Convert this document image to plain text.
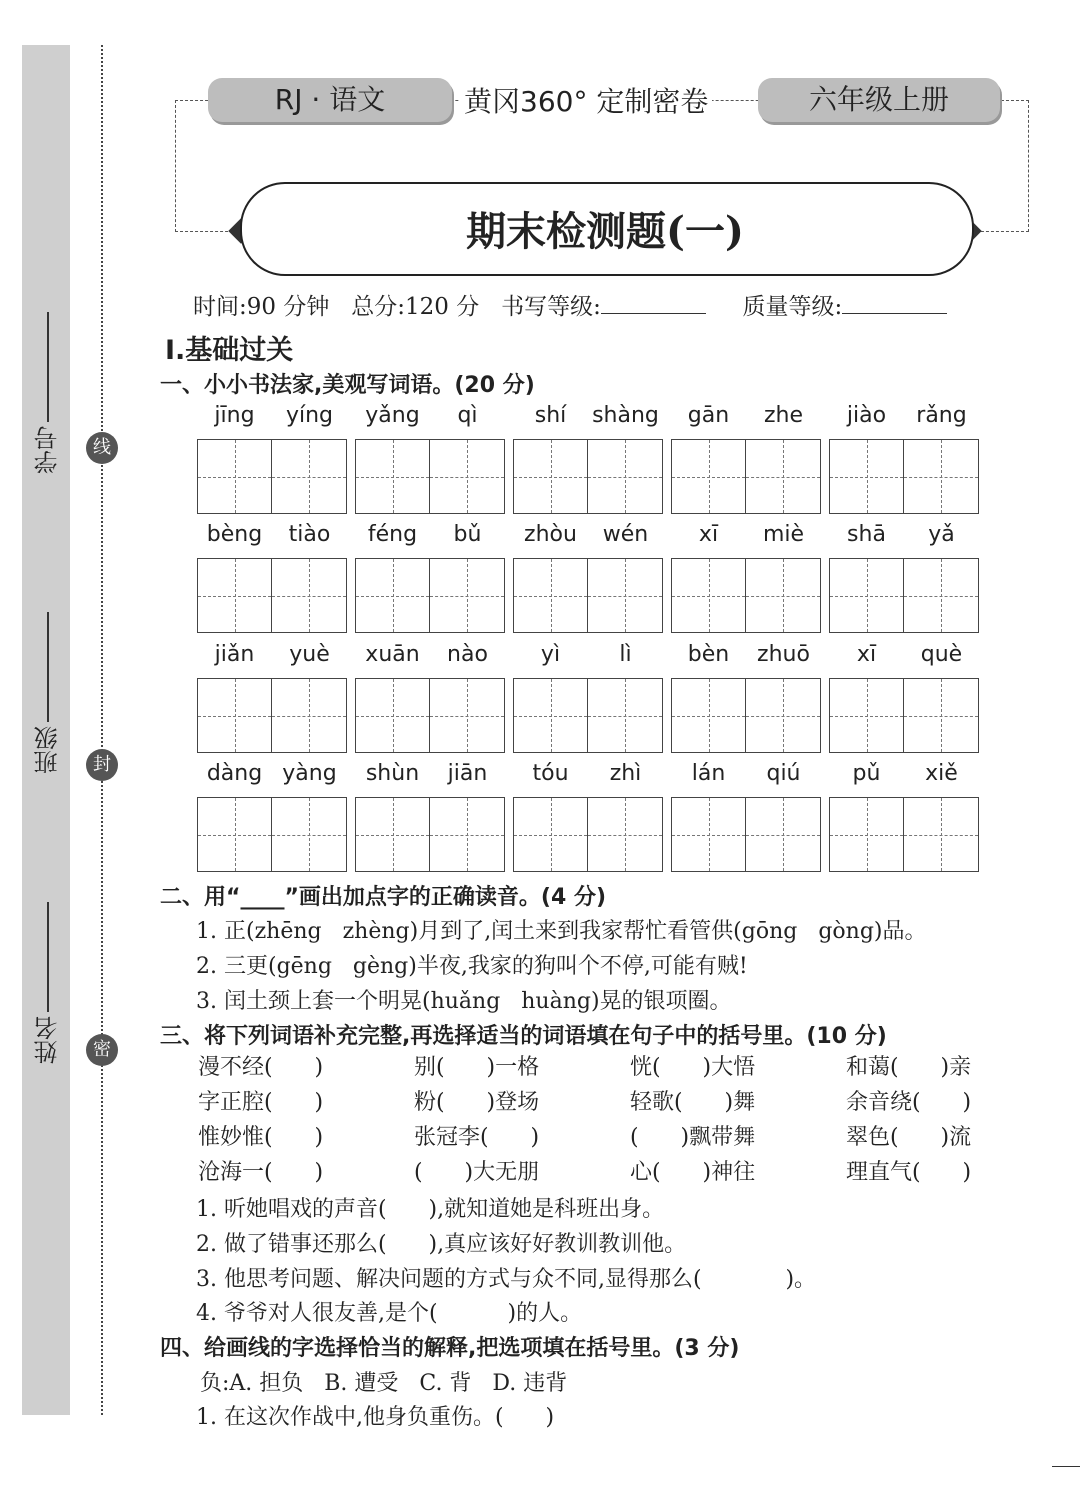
线
封
密
学号
班级
姓名
RJ · 语文	黄冈360° 定制密卷	六年级上册
期末检测题(一)
时间:90 分钟   总分:120 分   书写等级:	质量等级:
Ⅰ.基础过关
一、小小书法家,美观写词语。(20 分)
jīng	yíng	yǎng	qì	shí	shàng	gān	zhe	jiào	rǎng
bèng	tiào	féng	bǔ	zhòu	wén	xī	miè	shā	yǎ
jiǎn	yuè	xuān	nào	yì	lì	bèn	zhuō	xī	què
dàng yàng	shùn	jiān	tóu	zhì	lán	qiú	pǔ	xiě
二、用“____”画出加点字的正确读音。(4 分)
1. 正(zhēng   zhèng)月到了,闰土来到我家帮忙看管供(gōng   gòng)品。
2. 三更(gēng   gèng)半夜,我家的狗叫个不停,可能有贼!
3. 闰土颈上套一个明晃(huǎng   huàng)晃的银项圈。
三、将下列词语补充完整,再选择适当的词语填在句子中的括号里。(10 分)
漫不经(      )	别(      )一格	恍(      )大悟	和蔼(      )亲
字正腔(      )	粉(      )登场	轻歌(      )舞	余音绕(      )
惟妙惟(      )	张冠李(      )	(      )飘带舞	翠色(      )流
沧海一(      )	(      )大无朋	心(      )神往	理直气(      )
1. 听她唱戏的声音(      ),就知道她是科班出身。
2. 做了错事还那么(      ),真应该好好教训教训他。
3. 他思考问题、解决问题的方式与众不同,显得那么(            )。
4. 爷爷对人很友善,是个(          )的人。
四、给画线的字选择恰当的解释,把选项填在括号里。(3 分)
负:A. 担负   B. 遭受   C. 背   D. 违背
1. 在这次作战中,他身负重伤。(      )
